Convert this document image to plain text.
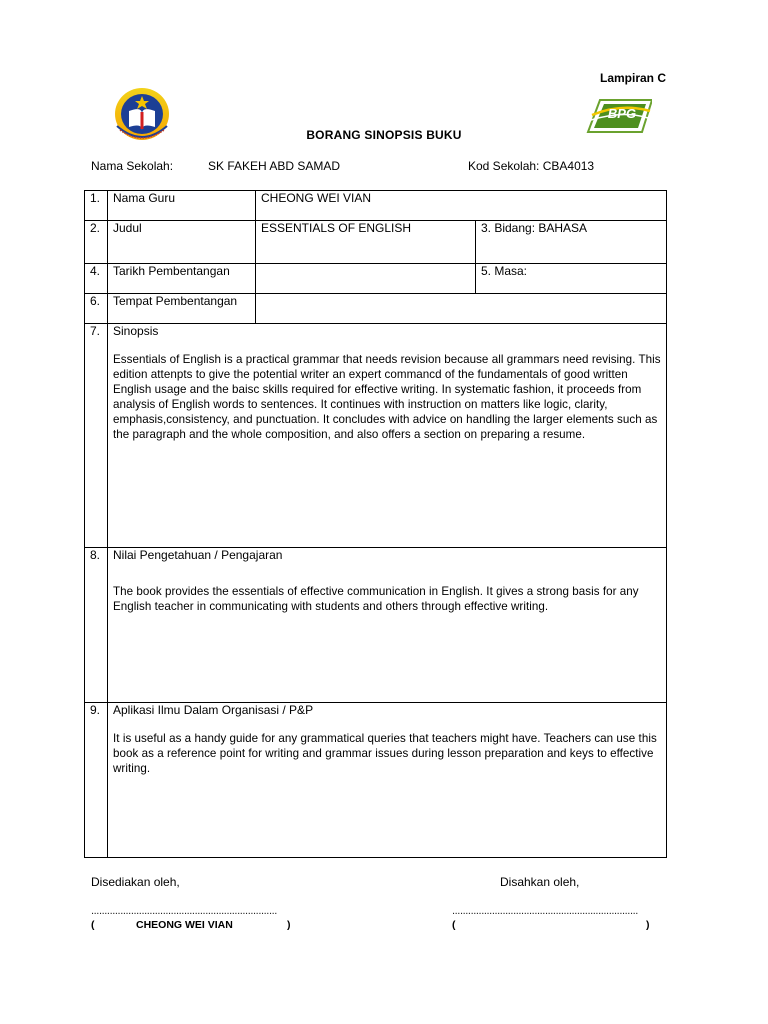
Lampiran C
BPG
BORANG SINOPSIS BUKU
Nama Sekolah:	SK FAKEH ABD SAMAD	Kod Sekolah: CBA4013
1.	Nama Guru	CHEONG WEI VIAN	
2.	Judul	ESSENTIALS OF ENGLISH	3. Bidang: BAHASA
4.	Tarikh Pembentangan		5. Masa:
6.	Tempat Pembentangan		
7.	Sinopsis
Essentials of English is a practical grammar that needs revision because all grammars need revising. This edition attenpts to give the potential writer an expert commancd of the fundamentals of good written English usage and the baisc skills required for effective writing. In systematic fashion, it proceeds from analysis of English words to sentences. It continues with instruction on matters like logic, clarity, emphasis,consistency, and punctuation. It concludes with advice on handling the larger elements such as the paragraph and the whole composition, and also offers a section on preparing a resume.		

8.	Nilai Pengetahuan / Pengajaran
The book provides the essentials of effective communication in English. It gives a strong basis for any English teacher in communicating with students and others through effective writing.		

9.	Aplikasi Ilmu Dalam Organisasi / P&P
It is useful as a handy guide for any grammatical queries that teachers might have. Teachers can use this book as a reference point for writing and grammar issues during lesson preparation and keys to effective writing.		
Disediakan oleh,	Disahkan oleh,
......................................................................	......................................................................
(	CHEONG WEI VIAN	)	(	)
